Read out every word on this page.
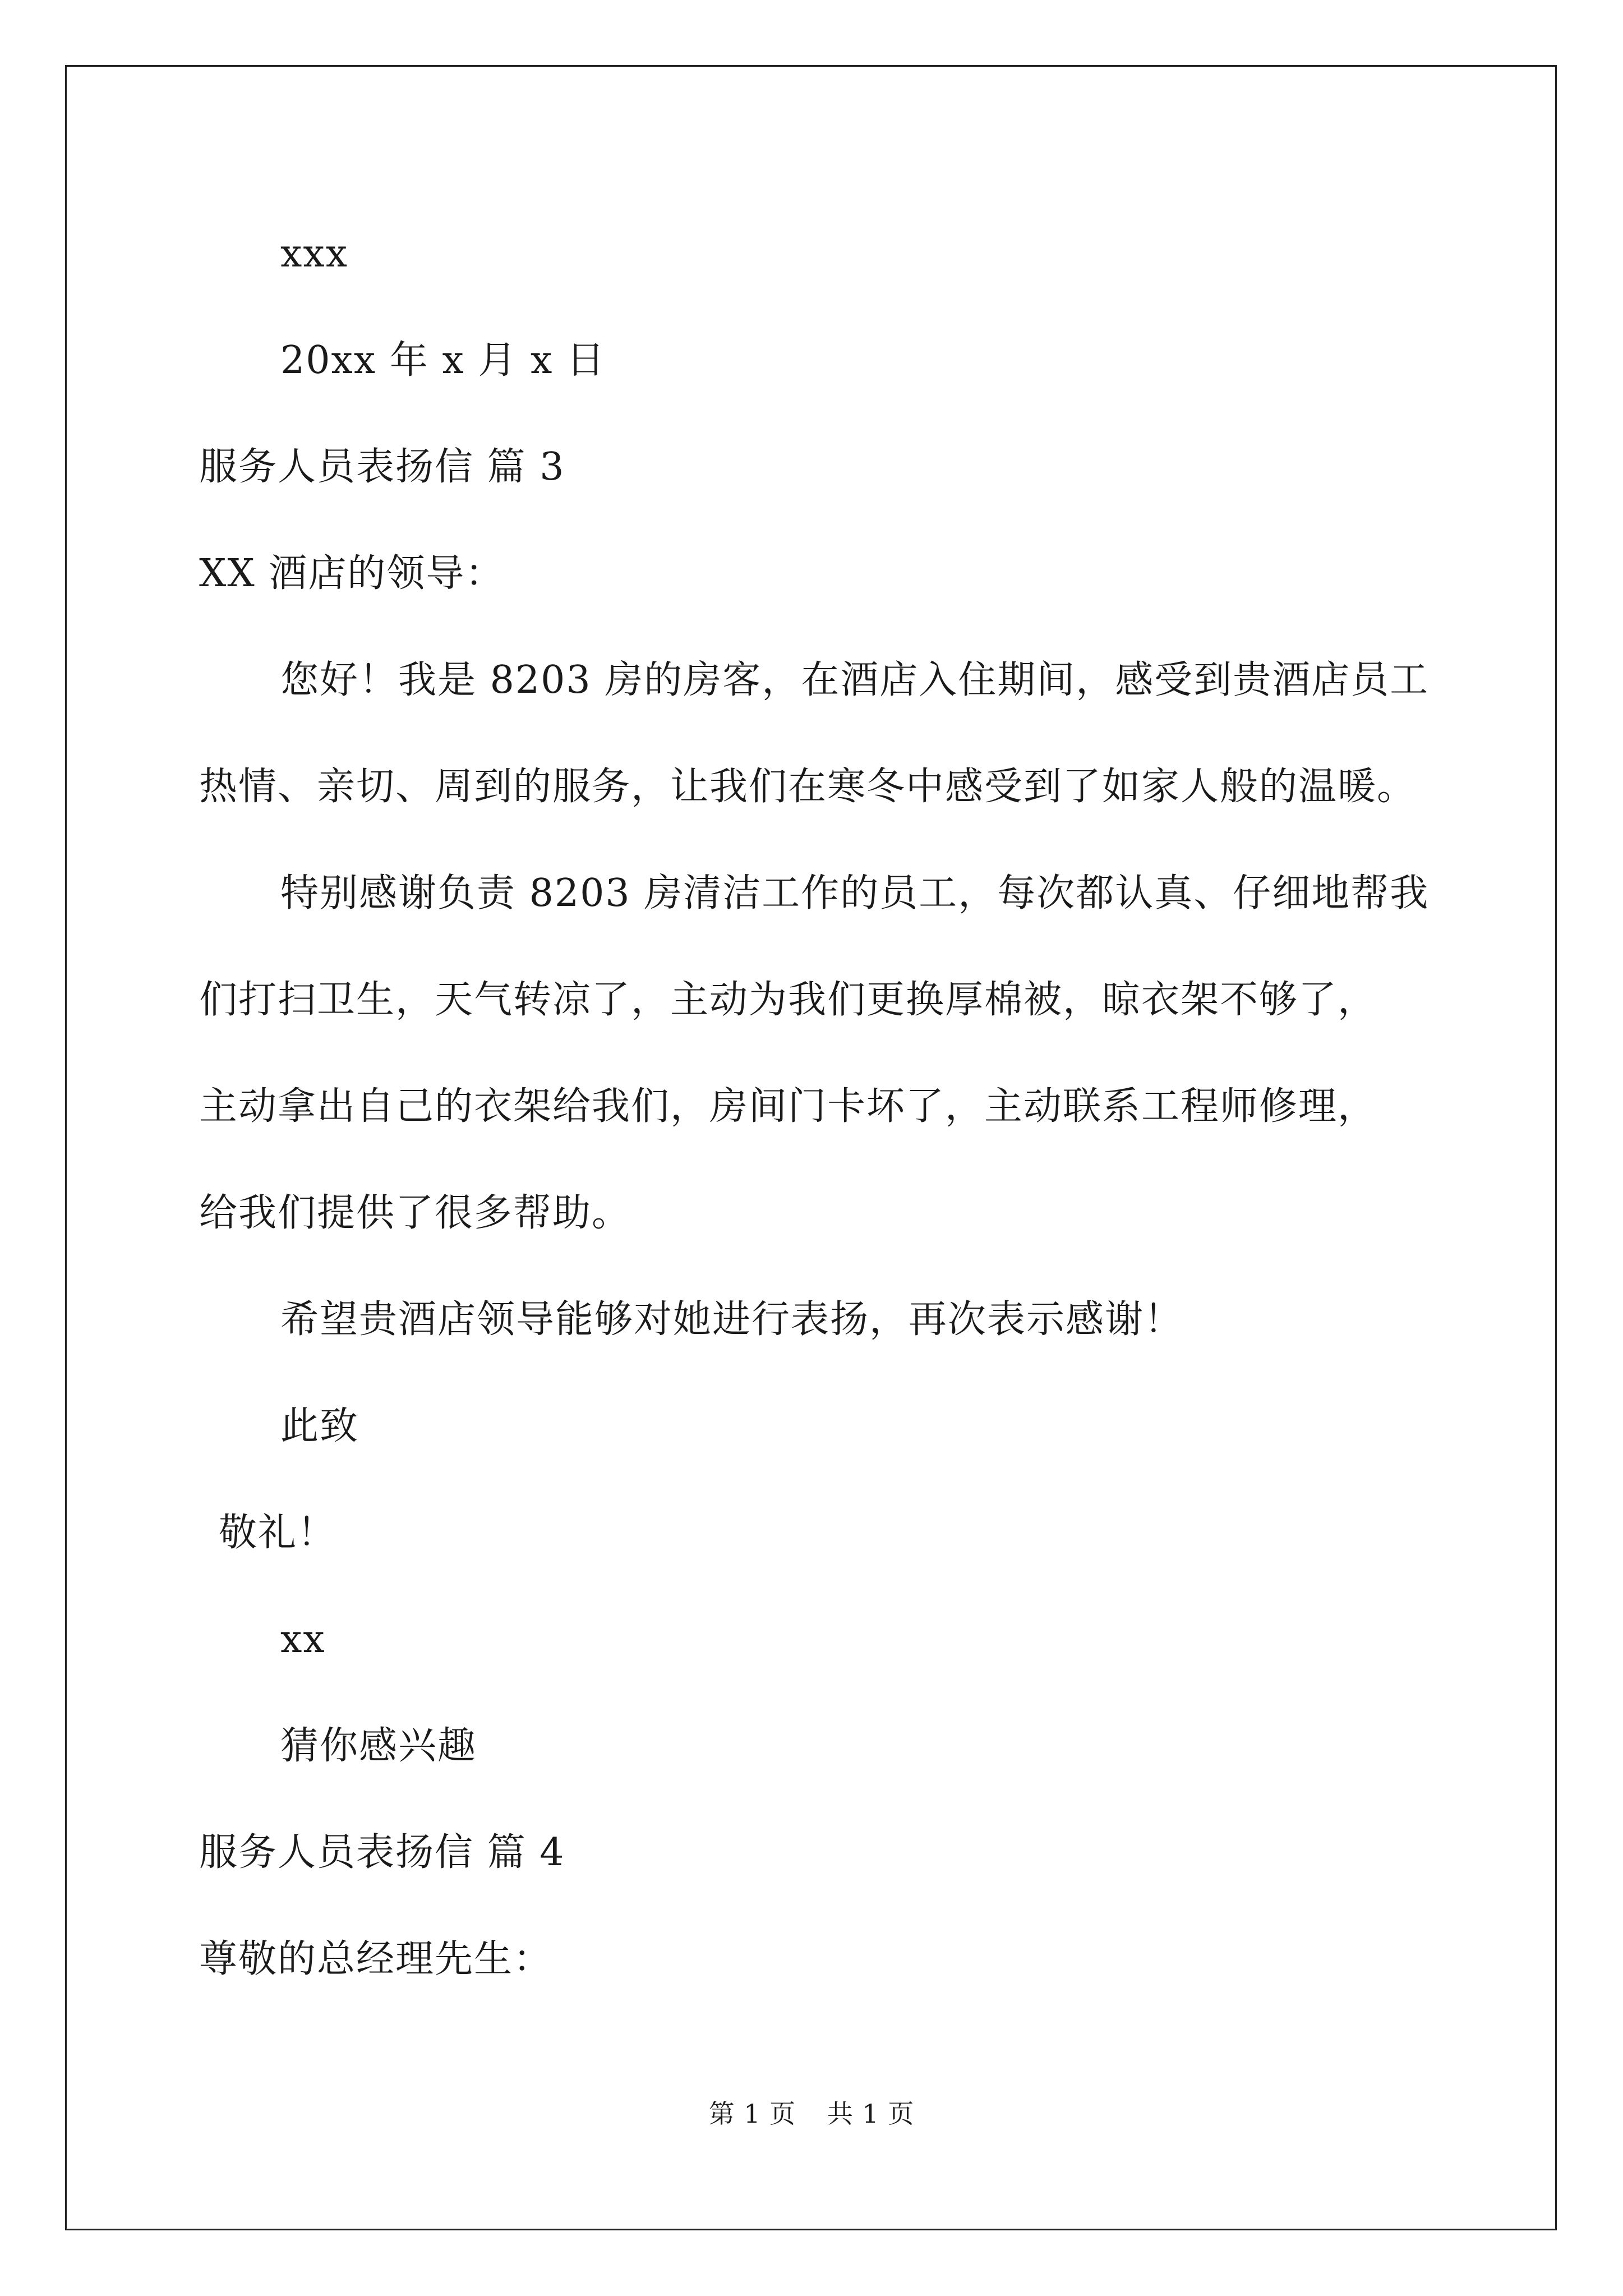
xxx
20xx 年 x 月 x 日
服务人员表扬信 篇 3
XX 酒店的领导：
您好！我是 8203 房的房客，在酒店入住期间，感受到贵酒店员工
热情、亲切、周到的服务，让我们在寒冬中感受到了如家人般的温暖。
特别感谢负责 8203 房清洁工作的员工，每次都认真、仔细地帮我
们打扫卫生，天气转凉了，主动为我们更换厚棉被，晾衣架不够了，
主动拿出自己的衣架给我们，房间门卡坏了，主动联系工程师修理，
给我们提供了很多帮助。
希望贵酒店领导能够对她进行表扬，再次表示感谢！
此致
敬礼！
xx
猜你感兴趣
服务人员表扬信 篇 4
尊敬的总经理先生：
第 1 页 共 1 页
